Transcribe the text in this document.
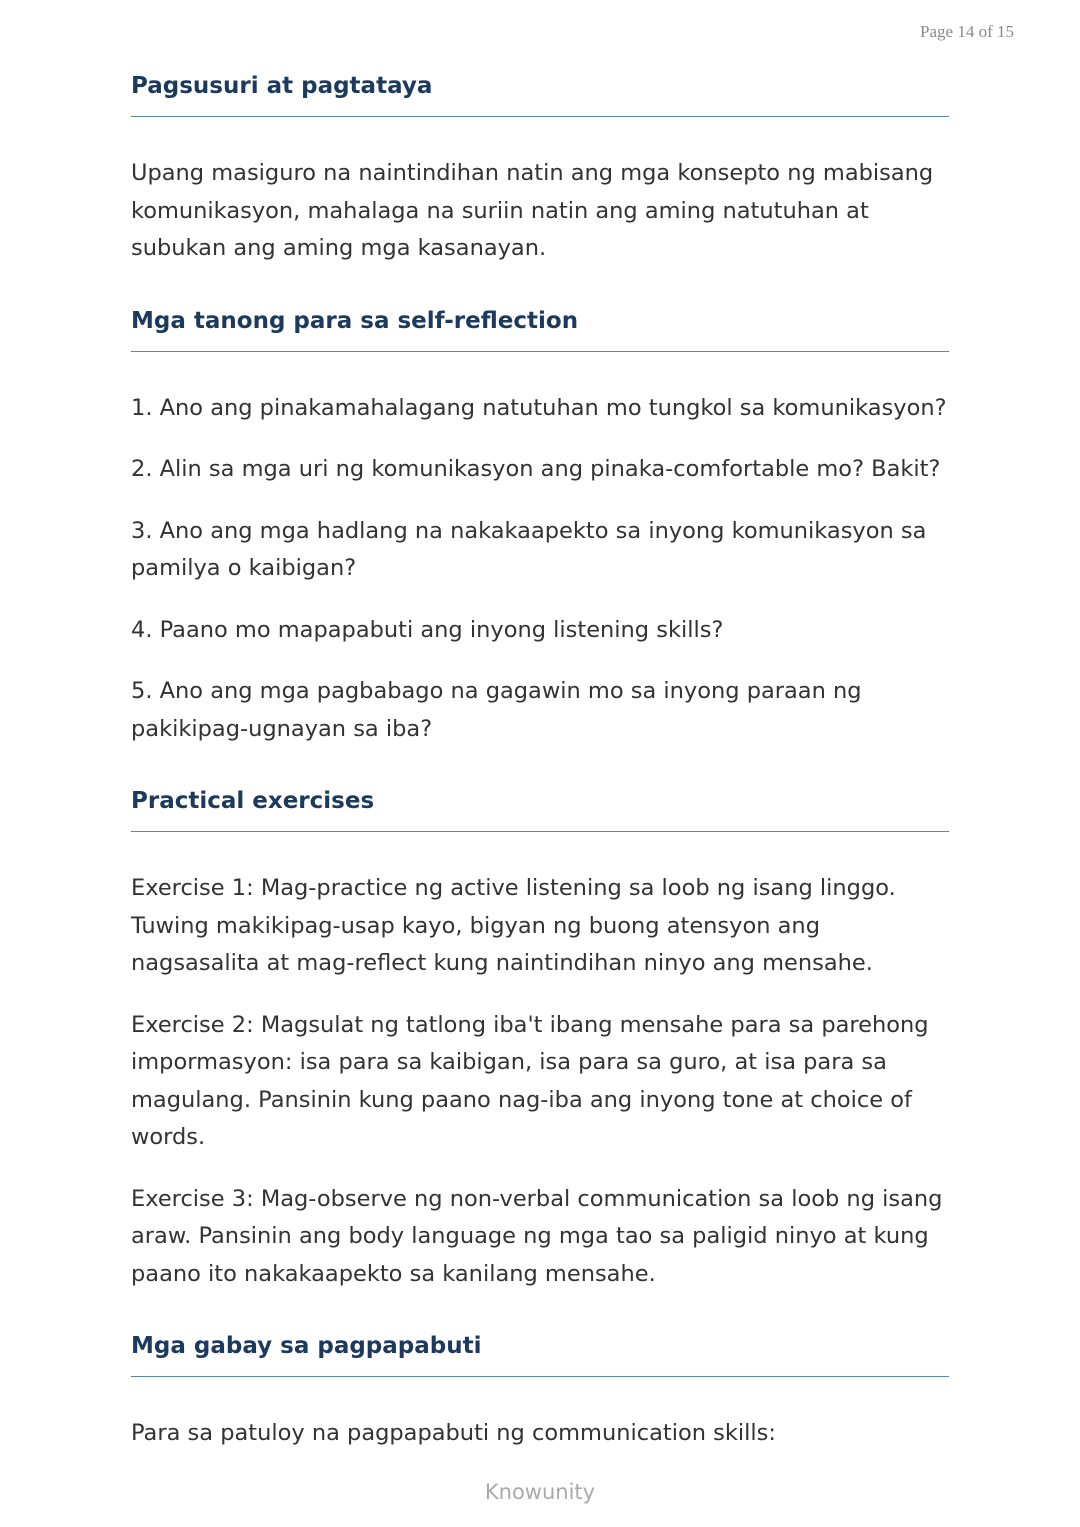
Page 14 of 15
Pagsusuri at pagtataya

Upang masiguro na naintindihan natin ang mga konsepto ng mabisang komunikasyon, mahalaga na suriin natin ang aming natutuhan at subukan ang aming mga kasanayan.

Mga tanong para sa self-reflection

1. Ano ang pinakamahalagang natutuhan mo tungkol sa komunikasyon?

2. Alin sa mga uri ng komunikasyon ang pinaka-comfortable mo? Bakit?

3. Ano ang mga hadlang na nakakaapekto sa inyong komunikasyon sa pamilya o kaibigan?

4. Paano mo mapapabuti ang inyong listening skills?

5. Ano ang mga pagbabago na gagawin mo sa inyong paraan ng pakikipag-ugnayan sa iba?

Practical exercises

Exercise 1: Mag-practice ng active listening sa loob ng isang linggo. Tuwing makikipag-usap kayo, bigyan ng buong atensyon ang nagsasalita at mag-reflect kung naintindihan ninyo ang mensahe.

Exercise 2: Magsulat ng tatlong iba't ibang mensahe para sa parehong impormasyon: isa para sa kaibigan, isa para sa guro, at isa para sa magulang. Pansinin kung paano nag-iba ang inyong tone at choice of words.

Exercise 3: Mag-observe ng non-verbal communication sa loob ng isang araw. Pansinin ang body language ng mga tao sa paligid ninyo at kung paano ito nakakaapekto sa kanilang mensahe.

Mga gabay sa pagpapabuti

Para sa patuloy na pagpapabuti ng communication skills:

Knowunity
